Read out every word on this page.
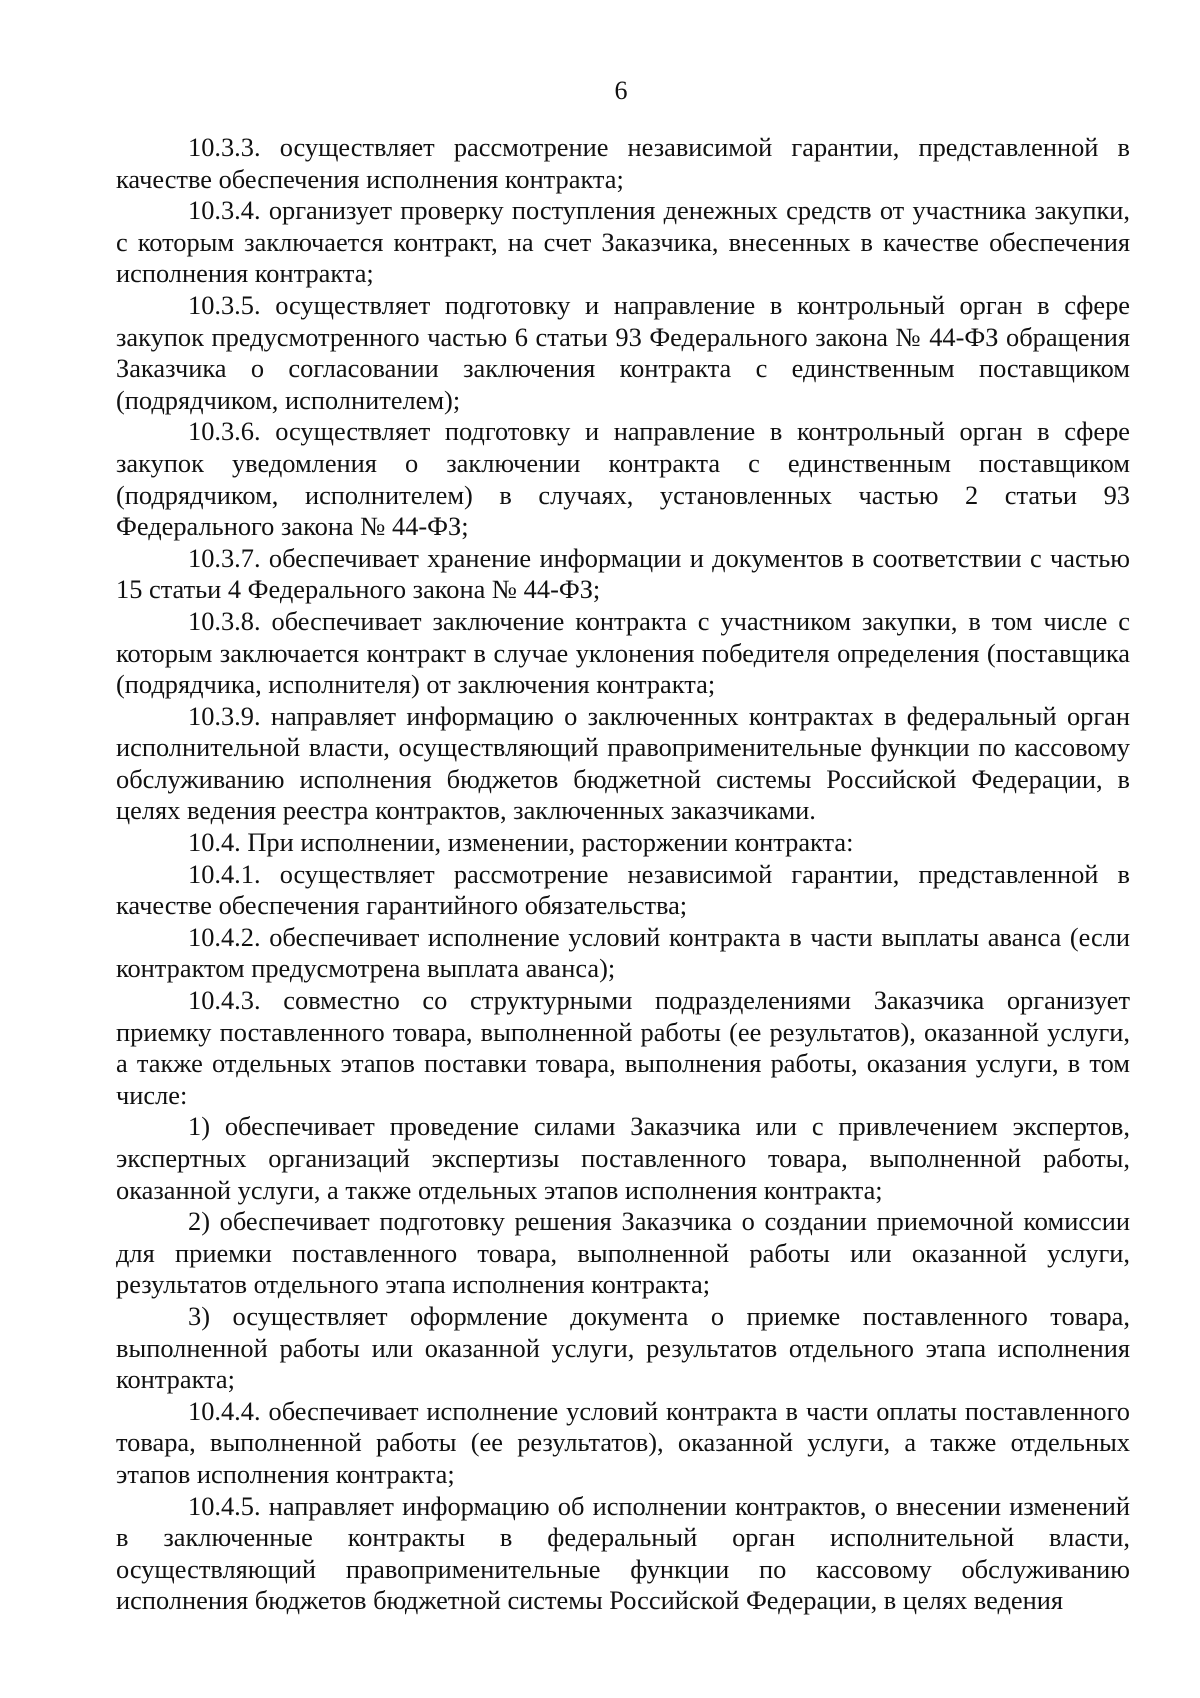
6

10.3.3. осуществляет рассмотрение независимой гарантии, представленной в качестве обеспечения исполнения контракта;

10.3.4. организует проверку поступления денежных средств от участника закупки, с которым заключается контракт, на счет Заказчика, внесенных в качестве обеспечения исполнения контракта;

10.3.5. осуществляет подготовку и направление в контрольный орган в сфере закупок предусмотренного частью 6 статьи 93 Федерального закона № 44-ФЗ обращения Заказчика о согласовании заключения контракта с единственным поставщиком (подрядчиком, исполнителем);

10.3.6. осуществляет подготовку и направление в контрольный орган в сфере закупок уведомления о заключении контракта с единственным поставщиком (подрядчиком, исполнителем) в случаях, установленных частью 2 статьи 93 Федерального закона № 44-ФЗ;

10.3.7. обеспечивает хранение информации и документов в соответствии с частью 15 статьи 4 Федерального закона № 44-ФЗ;

10.3.8. обеспечивает заключение контракта с участником закупки, в том числе с которым заключается контракт в случае уклонения победителя определения (поставщика (подрядчика, исполнителя) от заключения контракта;

10.3.9. направляет информацию о заключенных контрактах в федеральный орган исполнительной власти, осуществляющий правоприменительные функции по кассовому обслуживанию исполнения бюджетов бюджетной системы Российской Федерации, в целях ведения реестра контрактов, заключенных заказчиками.

10.4. При исполнении, изменении, расторжении контракта:

10.4.1. осуществляет рассмотрение независимой гарантии, представленной в качестве обеспечения гарантийного обязательства;

10.4.2. обеспечивает исполнение условий контракта в части выплаты аванса (если контрактом предусмотрена выплата аванса);

10.4.3. совместно со структурными подразделениями Заказчика организует приемку поставленного товара, выполненной работы (ее результатов), оказанной услуги, а также отдельных этапов поставки товара, выполнения работы, оказания услуги, в том числе:

1) обеспечивает проведение силами Заказчика или с привлечением экспертов, экспертных организаций экспертизы поставленного товара, выполненной работы, оказанной услуги, а также отдельных этапов исполнения контракта;

2) обеспечивает подготовку решения Заказчика о создании приемочной комиссии для приемки поставленного товара, выполненной работы или оказанной услуги, результатов отдельного этапа исполнения контракта;

3) осуществляет оформление документа о приемке поставленного товара, выполненной работы или оказанной услуги, результатов отдельного этапа исполнения контракта;

10.4.4. обеспечивает исполнение условий контракта в части оплаты поставленного товара, выполненной работы (ее результатов), оказанной услуги, а также отдельных этапов исполнения контракта;

10.4.5. направляет информацию об исполнении контрактов, о внесении изменений в заключенные контракты в федеральный орган исполнительной власти, осуществляющий правоприменительные функции по кассовому обслуживанию исполнения бюджетов бюджетной системы Российской Федерации, в целях ведения
